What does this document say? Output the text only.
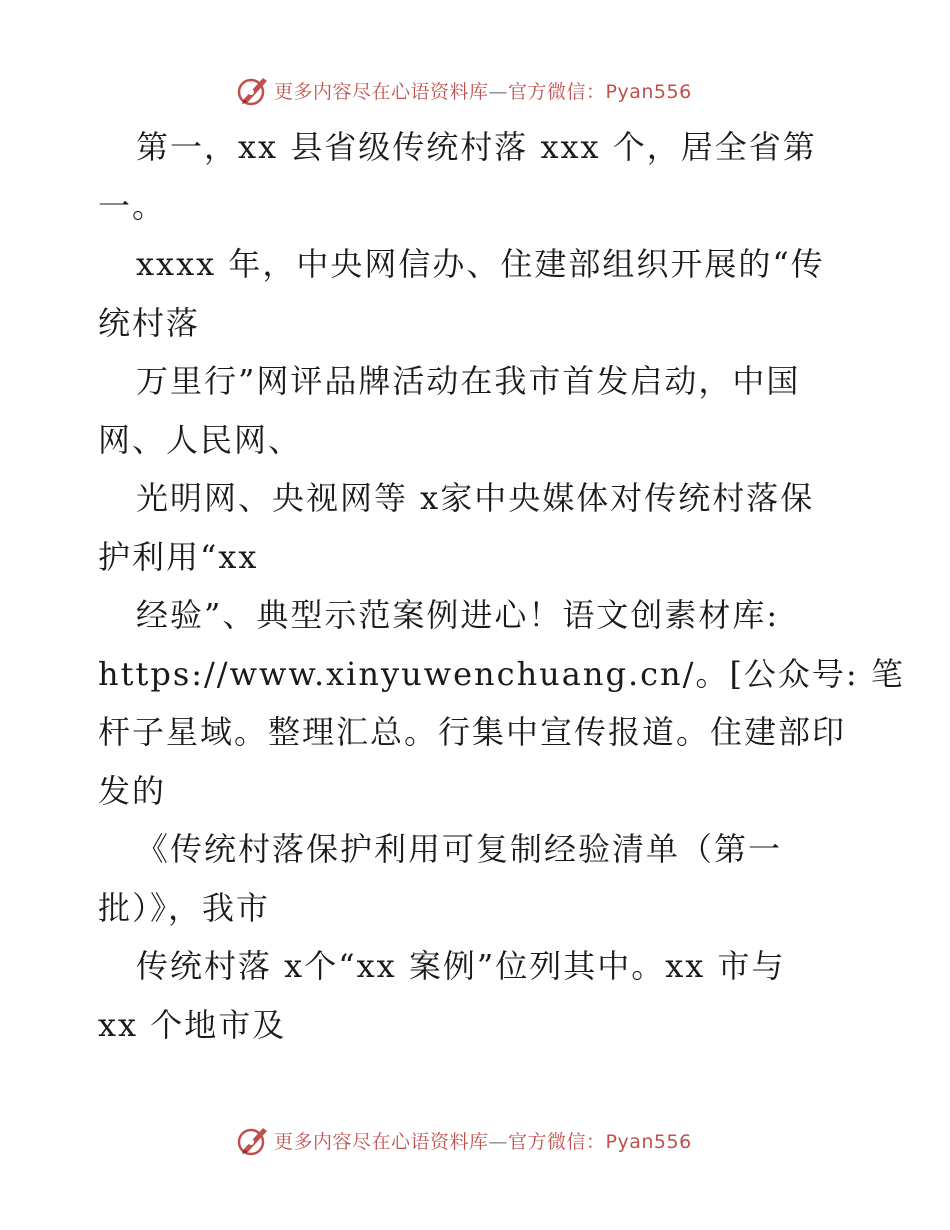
更多内容尽在心语资料库—官方微信：Pyan556
第一，xx 县省级传统村落 xxx 个，居全省第
一。
xxxx 年，中央网信办、住建部组织开展的“传
统村落
万里行”网评品牌活动在我市首发启动，中国
网、人民网、
光明网、央视网等 x家中央媒体对传统村落保
护利用“xx
经验”、典型示范案例进心！语文创素材库:
https://www.xinyuwenchuang.cn/。[公众号: 笔
杆子星域。整理汇总。行集中宣传报道。住建部印
发的
《传统村落保护利用可复制经验清单（第一
批）》，我市
传统村落 x个“xx 案例”位列其中。xx 市与
xx 个地市及
更多内容尽在心语资料库—官方微信：Pyan556
